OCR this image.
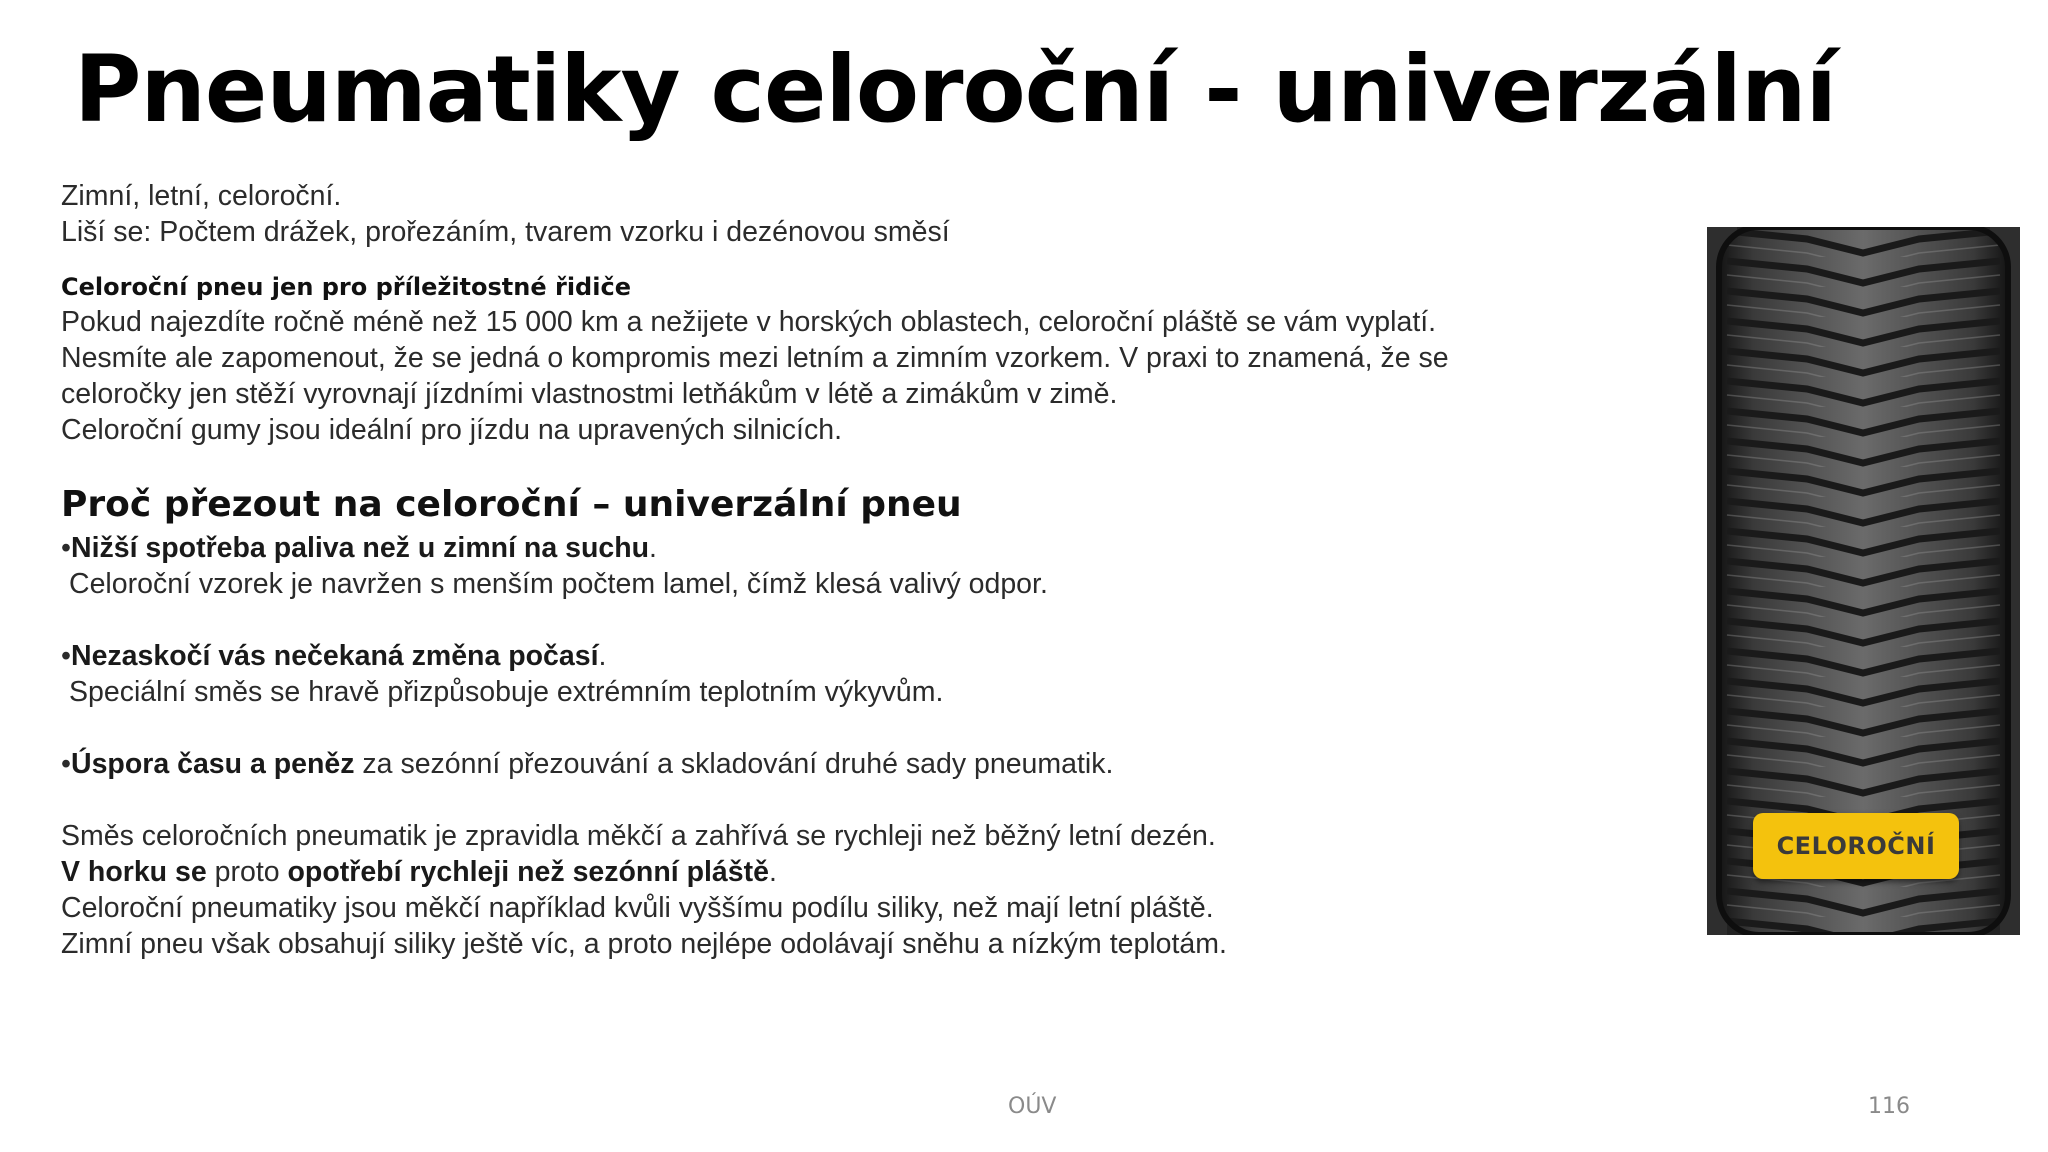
Pneumatiky celoroční - univerzální

Zimní, letní, celoroční.

Liší se: Počtem drážek, prořezáním, tvarem vzorku i dezénovou směsí

Celoroční pneu jen pro příležitostné řidiče

Pokud najezdíte ročně méně než 15 000 km a nežijete v horských oblastech, celoroční pláště se vám vyplatí.

Nesmíte ale zapomenout, že se jedná o kompromis mezi letním a zimním vzorkem. V praxi to znamená, že se

celoročky jen stěží vyrovnají jízdními vlastnostmi letňákům v létě a zimákům v zimě.

Celoroční gumy jsou ideální pro jízdu na upravených silnicích.

Proč přezout na celoroční – univerzální pneu

•Nižší spotřeba paliva než u zimní na suchu.

Celoroční vzorek je navržen s menším počtem lamel, čímž klesá valivý odpor.

•Nezaskočí vás nečekaná změna počasí.

Speciální směs se hravě přizpůsobuje extrémním teplotním výkyvům.

•Úspora času a peněz za sezónní přezouvání a skladování druhé sady pneumatik.

Směs celoročních pneumatik je zpravidla měkčí a zahřívá se rychleji než běžný letní dezén.

V horku se proto opotřebí rychleji než sezónní pláště.

Celoroční pneumatiky jsou měkčí například kvůli vyššímu podílu siliky, než mají letní pláště.

Zimní pneu však obsahují siliky ještě víc, a proto nejlépe odolávají sněhu a nízkým teplotám.

CELOROČNÍ
OÚV	116
